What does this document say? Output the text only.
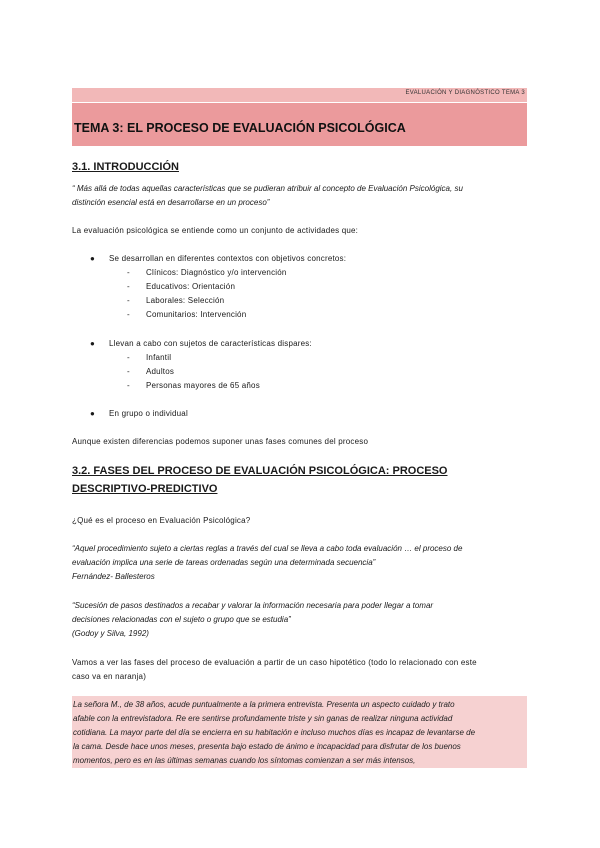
EVALUACIÓN Y DIAGNÓSTICO TEMA 3
TEMA 3: EL PROCESO DE EVALUACIÓN PSICOLÓGICA
3.1. INTRODUCCIÓN
“ Más allá de todas aquellas características que se pudieran atribuir al concepto de Evaluación Psicológica, su
distinción esencial está en desarrollarse en un proceso”
La evaluación psicológica se entiende como un conjunto de actividades que:
● Se desarrollan en diferentes contextos con objetivos concretos:
- Clínicos: Diagnóstico y/o intervención
- Educativos: Orientación
- Laborales: Selección
- Comunitarios: Intervención
● Llevan a cabo con sujetos de características dispares:
- Infantil
- Adultos
- Personas mayores de 65 años
● En grupo o individual
Aunque existen diferencias podemos suponer unas fases comunes del proceso
3.2. FASES DEL PROCESO DE EVALUACIÓN PSICOLÓGICA: PROCESO
DESCRIPTIVO-PREDICTIVO
¿Qué es el proceso en Evaluación Psicológica?
“Aquel procedimiento sujeto a ciertas reglas a través del cual se lleva a cabo toda evaluación … el proceso de
evaluación implica una serie de tareas ordenadas según una determinada secuencia”
Fernández- Ballesteros
“Sucesión de pasos destinados a recabar y valorar la información necesaria para poder llegar a tomar
decisiones relacionadas con el sujeto o grupo que se estudia”
(Godoy y Silva, 1992)
Vamos a ver las fases del proceso de evaluación a partir de un caso hipotético (todo lo relacionado con este
caso va en naranja)
La señora M., de 38 años, acude puntualmente a la primera entrevista. Presenta un aspecto cuidado y trato
afable con la entrevistadora. Re ere sentirse profundamente triste y sin ganas de realizar ninguna actividad
cotidiana. La mayor parte del día se encierra en su habitación e incluso muchos días es incapaz de levantarse de
la cama. Desde hace unos meses, presenta bajo estado de ánimo e incapacidad para disfrutar de los buenos
momentos, pero es en las últimas semanas cuando los síntomas comienzan a ser más intensos,
